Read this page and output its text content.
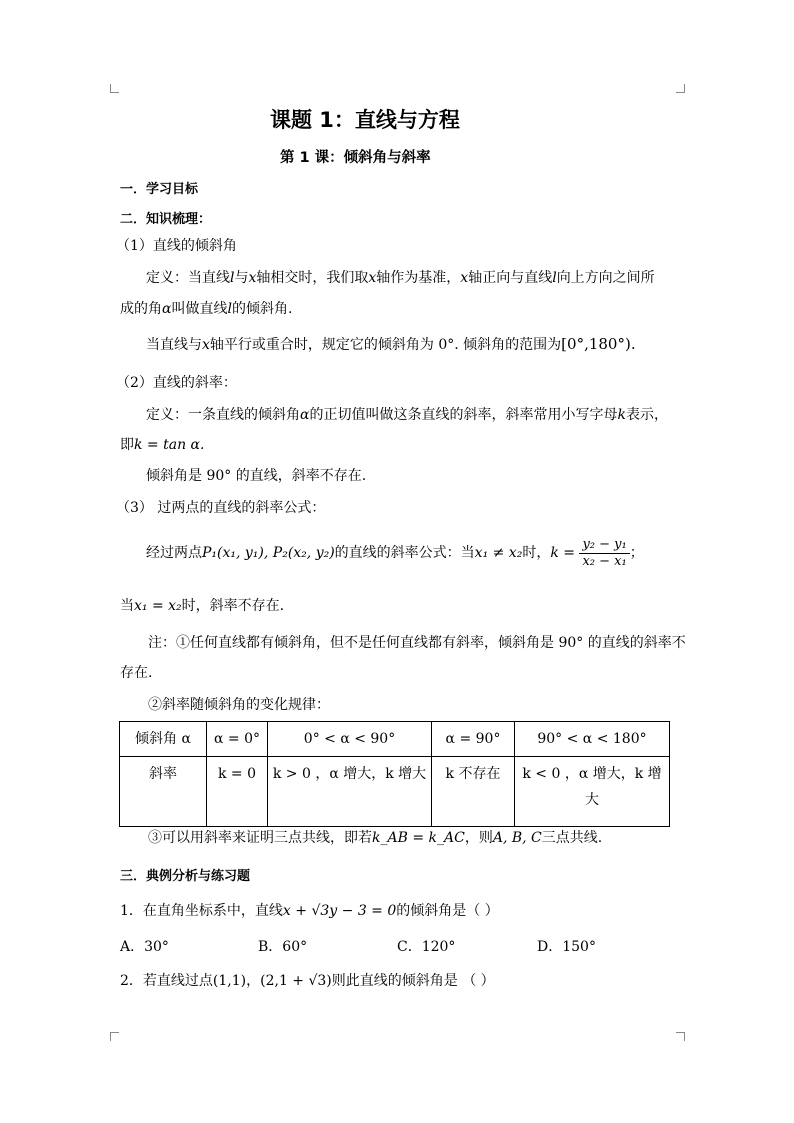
课题 1：直线与方程
第 1 课：倾斜角与斜率
一．学习目标
二．知识梳理：
（1）直线的倾斜角
定义：当直线l与x轴相交时，我们取x轴作为基准，x轴正向与直线l向上方向之间所
成的角α叫做直线l的倾斜角.
当直线与x轴平行或重合时，规定它的倾斜角为 0°. 倾斜角的范围为[0°,180°).
（2）直线的斜率：
定义：一条直线的倾斜角α的正切值叫做这条直线的斜率，斜率常用小写字母k表示，
即k = tan α.
倾斜角是 90° 的直线，斜率不存在.
（3） 过两点的直线的斜率公式：
经过两点P₁(x₁, y₁), P₂(x₂, y₂)的直线的斜率公式：当x₁ ≠ x₂时，$k = \frac{\text{y₂ − y₁}}{\text{x₂ − x₁}}$ ；
当x₁ = x₂时，斜率不存在.
注：①任何直线都有倾斜角，但不是任何直线都有斜率，倾斜角是 90° 的直线的斜率不
存在.
②斜率随倾斜角的变化规律：
倾斜角 α	α = 0°	0° < α < 90°	α = 90°	90° < α < 180°
斜率	k = 0	k > 0 ，α 增大，k 增大	k 不存在	k < 0 ，α 增大，k 增大
③可以用斜率来证明三点共线，即若k_AB = k_AC，则A, B, C三点共线.
三．典例分析与练习题
1．在直角坐标系中，直线x + √3y − 3 = 0的倾斜角是（ ）
A．30°	B．60°	C．120°	D．150°
2．若直线过点(1,1)，(2,1 + √3)则此直线的倾斜角是 （ ）
